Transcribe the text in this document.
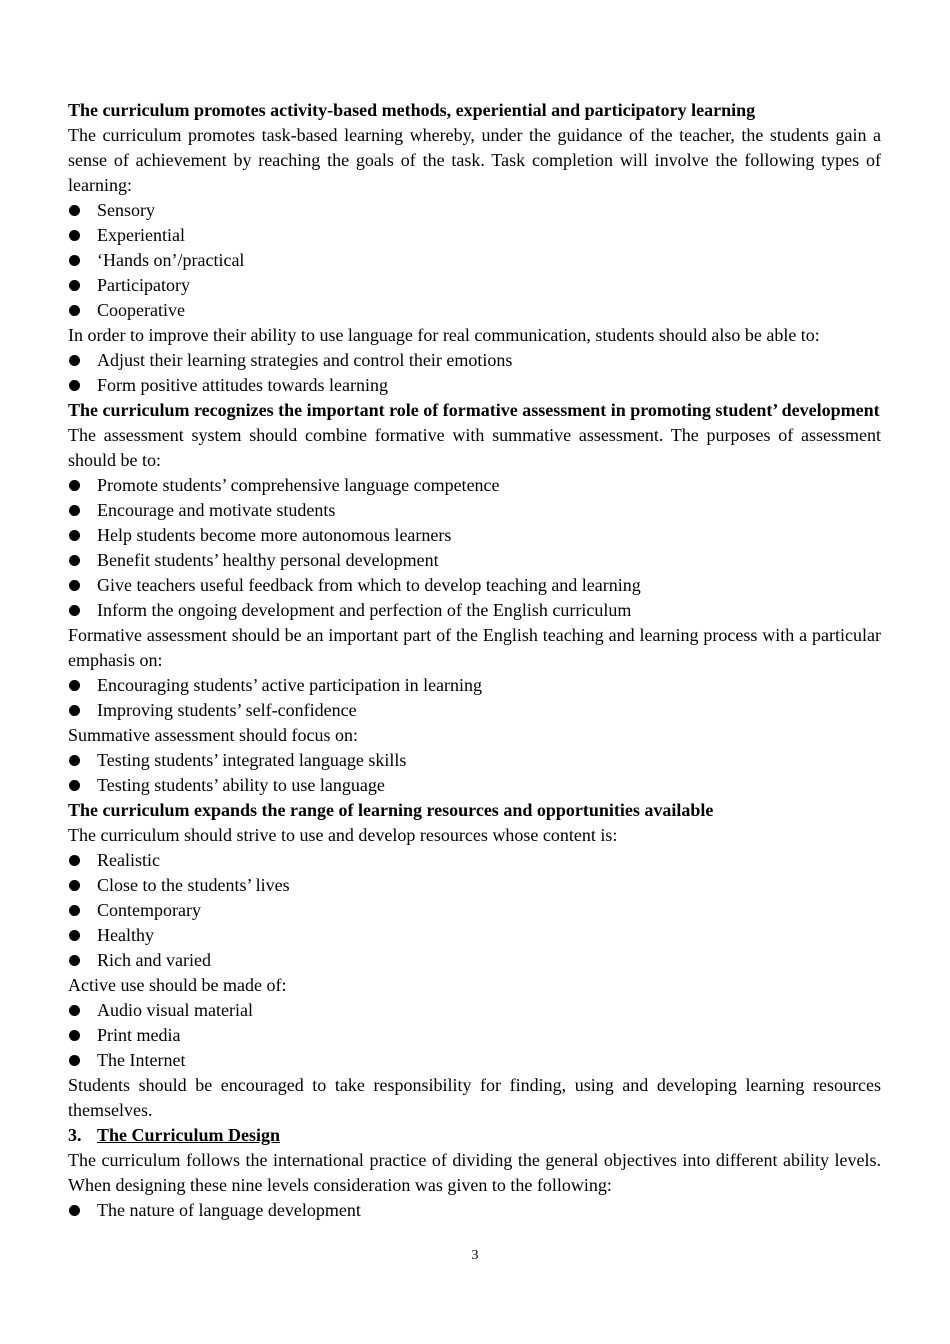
The curriculum promotes activity-based methods, experiential and participatory learning

The curriculum promotes task-based learning whereby, under the guidance of the teacher, the students gain a sense of achievement by reaching the goals of the task. Task completion will involve the following types of learning:

Sensory
Experiential
‘Hands on’/practical
Participatory
Cooperative

In order to improve their ability to use language for real communication, students should also be able to:

Adjust their learning strategies and control their emotions
Form positive attitudes towards learning

The curriculum recognizes the important role of formative assessment in promoting student’ development

The assessment system should combine formative with summative assessment. The purposes of assessment should be to:

Promote students’ comprehensive language competence
Encourage and motivate students
Help students become more autonomous learners
Benefit students’ healthy personal development
Give teachers useful feedback from which to develop teaching and learning
Inform the ongoing development and perfection of the English curriculum

Formative assessment should be an important part of the English teaching and learning process with a particular emphasis on:

Encouraging students’ active participation in learning
Improving students’ self-confidence

Summative assessment should focus on:

Testing students’ integrated language skills
Testing students’ ability to use language

The curriculum expands the range of learning resources and opportunities available

The curriculum should strive to use and develop resources whose content is:

Realistic
Close to the students’ lives
Contemporary
Healthy
Rich and varied

Active use should be made of:

Audio visual material
Print media
The Internet

Students should be encouraged to take responsibility for finding, using and developing learning resources themselves.

3. The Curriculum Design

The curriculum follows the international practice of dividing the general objectives into different ability levels. When designing these nine levels consideration was given to the following:

The nature of language development
3
